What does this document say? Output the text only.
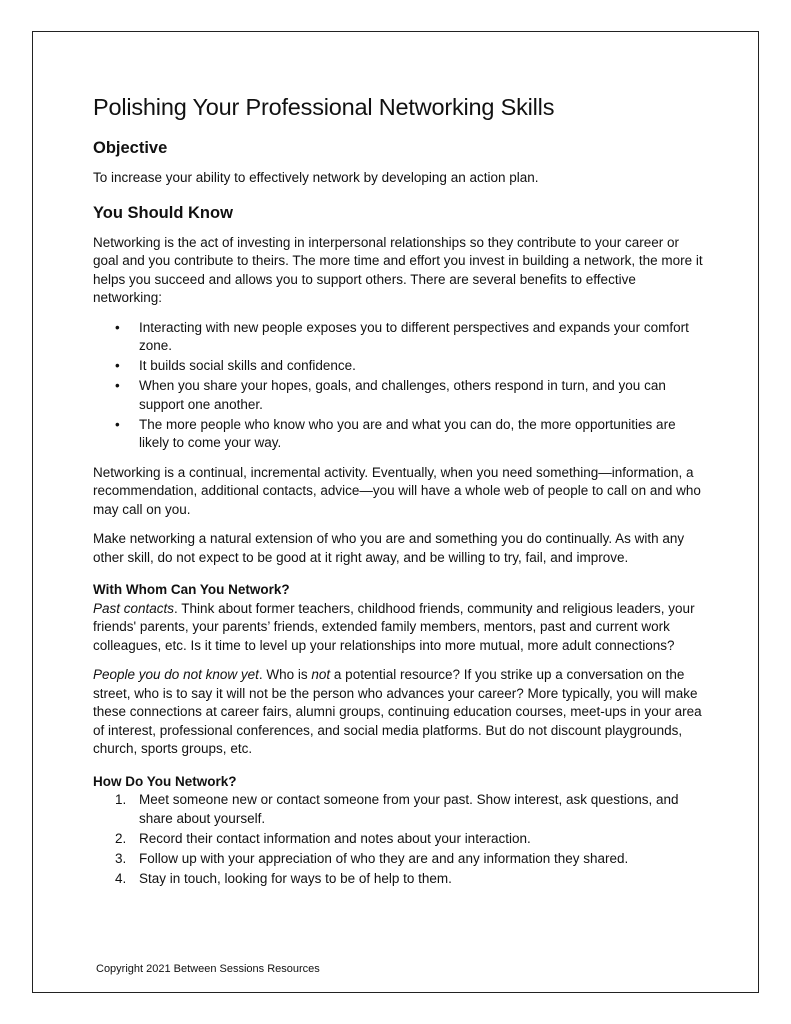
Polishing Your Professional Networking Skills
Objective

To increase your ability to effectively network by developing an action plan.

You Should Know

Networking is the act of investing in interpersonal relationships so they contribute to your career or goal and you contribute to theirs. The more time and effort you invest in building a network, the more it helps you succeed and allows you to support others. There are several benefits to effective networking:

• Interacting with new people exposes you to different perspectives and expands your comfort zone.
• It builds social skills and confidence.
• When you share your hopes, goals, and challenges, others respond in turn, and you can support one another.
• The more people who know who you are and what you can do, the more opportunities are likely to come your way.

Networking is a continual, incremental activity. Eventually, when you need something—information, a recommendation, additional contacts, advice—you will have a whole web of people to call on and who may call on you.

Make networking a natural extension of who you are and something you do continually. As with any other skill, do not expect to be good at it right away, and be willing to try, fail, and improve.

With Whom Can You Network?

Past contacts. Think about former teachers, childhood friends, community and religious leaders, your friends' parents, your parents’ friends, extended family members, mentors, past and current work colleagues, etc. Is it time to level up your relationships into more mutual, more adult connections?

People you do not know yet. Who is not a potential resource? If you strike up a conversation on the street, who is to say it will not be the person who advances your career? More typically, you will make these connections at career fairs, alumni groups, continuing education courses, meet-ups in your area of interest, professional conferences, and social media platforms. But do not discount playgrounds, church, sports groups, etc.

How Do You Network?
1. Meet someone new or contact someone from your past. Show interest, ask questions, and share about yourself.
2. Record their contact information and notes about your interaction.
3. Follow up with your appreciation of who they are and any information they shared.
4. Stay in touch, looking for ways to be of help to them.
Copyright 2021 Between Sessions Resources
